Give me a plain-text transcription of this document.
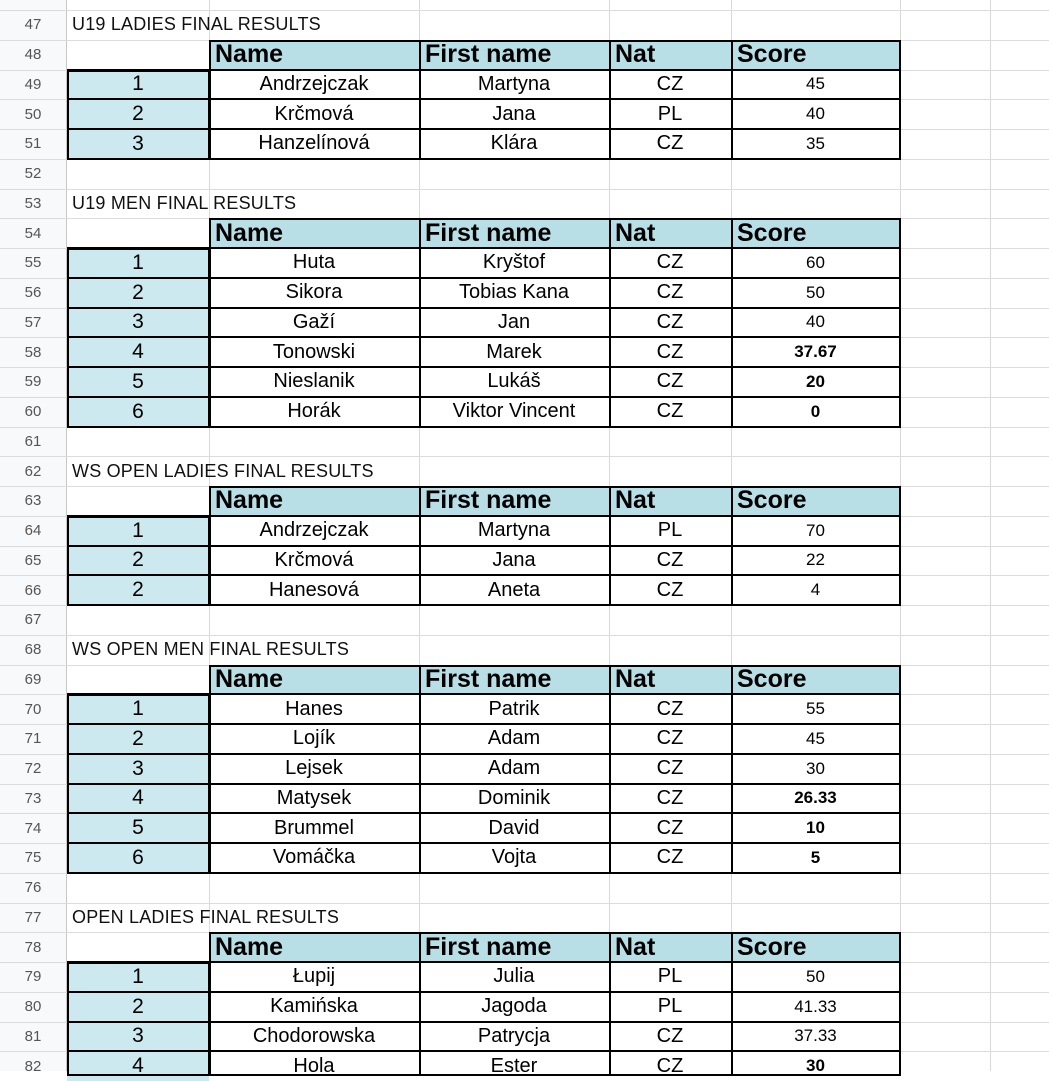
47	U19 LADIES FINAL RESULTS
48	Name	First name	Nat	Score
49	1	Andrzejczak	Martyna	CZ	45
50	2	Krčmová	Jana	PL	40
51	3	Hanzelínová	Klára	CZ	35
52
53	U19 MEN FINAL RESULTS
54	Name	First name	Nat	Score
55	1	Huta	Kryštof	CZ	60
56	2	Sikora	Tobias Kana	CZ	50
57	3	Gaží	Jan	CZ	40
58	4	Tonowski	Marek	CZ	37.67
59	5	Nieslanik	Lukáš	CZ	20
60	6	Horák	Viktor Vincent	CZ	0
61
62	WS OPEN LADIES FINAL RESULTS
63	Name	First name	Nat	Score
64	1	Andrzejczak	Martyna	PL	70
65	2	Krčmová	Jana	CZ	22
66	2	Hanesová	Aneta	CZ	4
67
68	WS OPEN MEN FINAL RESULTS
69	Name	First name	Nat	Score
70	1	Hanes	Patrik	CZ	55
71	2	Lojík	Adam	CZ	45
72	3	Lejsek	Adam	CZ	30
73	4	Matysek	Dominik	CZ	26.33
74	5	Brummel	David	CZ	10
75	6	Vomáčka	Vojta	CZ	5
76
77	OPEN LADIES FINAL RESULTS
78	Name	First name	Nat	Score
79	1	Łupij	Julia	PL	50
80	2	Kamińska	Jagoda	PL	41.33
81	3	Chodorowska	Patrycja	CZ	37.33
82	4	Hola	Ester	CZ	30
